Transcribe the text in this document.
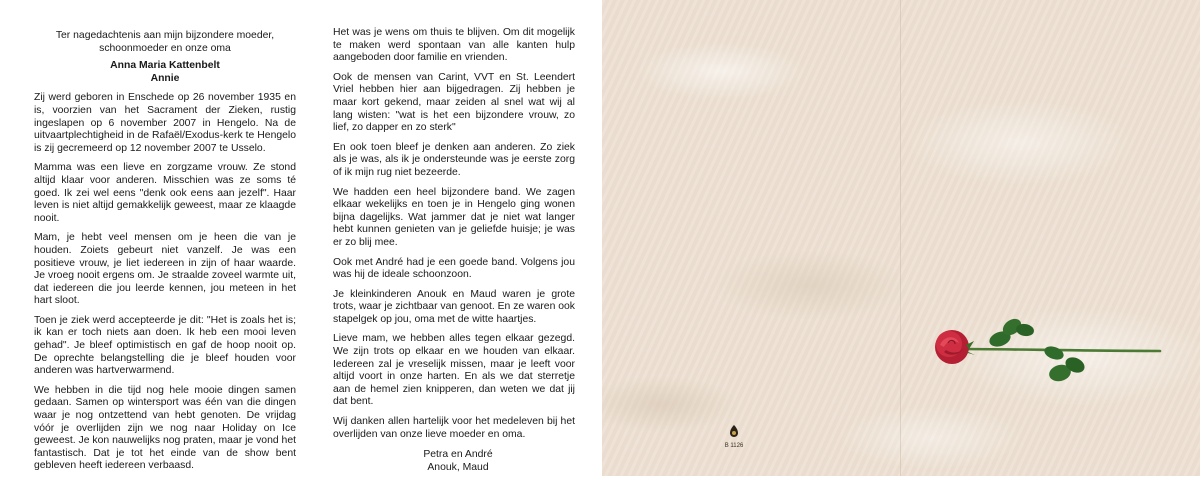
Ter nagedachtenis aan mijn bijzondere moeder,

schoonmoeder en onze oma

Anna Maria Kattenbelt

Annie

Zij werd geboren in Enschede op 26 november 1935 en is, voorzien van het Sacrament der Zieken, rustig ingeslapen op 6 november 2007 in Hengelo. Na de uitvaartplechtigheid in de Rafaël/Exodus-kerk te Hengelo is zij gecremeerd op 12 november 2007 te Usselo.

Mamma was een lieve en zorgzame vrouw. Ze stond altijd klaar voor anderen. Misschien was ze soms té goed. Ik zei wel eens "denk ook eens aan jezelf". Haar leven is niet altijd gemakkelijk geweest, maar ze klaagde nooit.

Mam, je hebt veel mensen om je heen die van je houden. Zoiets gebeurt niet vanzelf. Je was een positieve vrouw, je liet iedereen in zijn of haar waarde. Je vroeg nooit ergens om. Je straalde zoveel warmte uit, dat iedereen die jou leerde kennen, jou meteen in het hart sloot.

Toen je ziek werd accepteerde je dit: "Het is zoals het is; ik kan er toch niets aan doen. Ik heb een mooi leven gehad". Je bleef optimistisch en gaf de hoop nooit op. De oprechte belangstelling die je bleef houden voor anderen was hartverwarmend.

We hebben in die tijd nog hele mooie dingen samen gedaan. Samen op wintersport was één van die dingen waar je nog ontzettend van hebt genoten. De vrijdag vóór je overlijden zijn we nog naar Holiday on Ice geweest. Je kon nauwelijks nog praten, maar je vond het fantastisch. Dat je tot het einde van de show bent gebleven heeft iedereen verbaasd.

Het was je wens om thuis te blijven. Om dit mogelijk te maken werd spontaan van alle kanten hulp aangeboden door familie en vrienden.

Ook de mensen van Carint, VVT en St. Leendert Vriel hebben hier aan bijgedragen. Zij hebben je maar kort gekend, maar zeiden al snel wat wij al lang wisten: "wat is het een bijzondere vrouw, zo lief, zo dapper en zo sterk"

En ook toen bleef je denken aan anderen. Zo ziek als je was, als ik je ondersteunde was je eerste zorg of ik mijn rug niet bezeerde.

We hadden een heel bijzondere band. We zagen elkaar wekelijks en toen je in Hengelo ging wonen bijna dagelijks. Wat jammer dat je niet wat langer hebt kunnen genieten van je geliefde huisje; je was er zo blij mee.

Ook met André had je een goede band. Volgens jou was hij de ideale schoonzoon.

Je kleinkinderen Anouk en Maud waren je grote trots, waar je zichtbaar van genoot. En ze waren ook stapelgek op jou, oma met de witte haartjes.

Lieve mam, we hebben alles tegen elkaar gezegd. We zijn trots op elkaar en we houden van elkaar. Iedereen zal je vreselijk missen, maar je leeft voor altijd voort in onze harten. En als we dat sterretje aan de hemel zien knipperen, dan weten we dat jij dat bent.

Wij danken allen hartelijk voor het medeleven bij het overlijden van onze lieve moeder en oma.

Petra en André
Anouk, Maud
B 1126
